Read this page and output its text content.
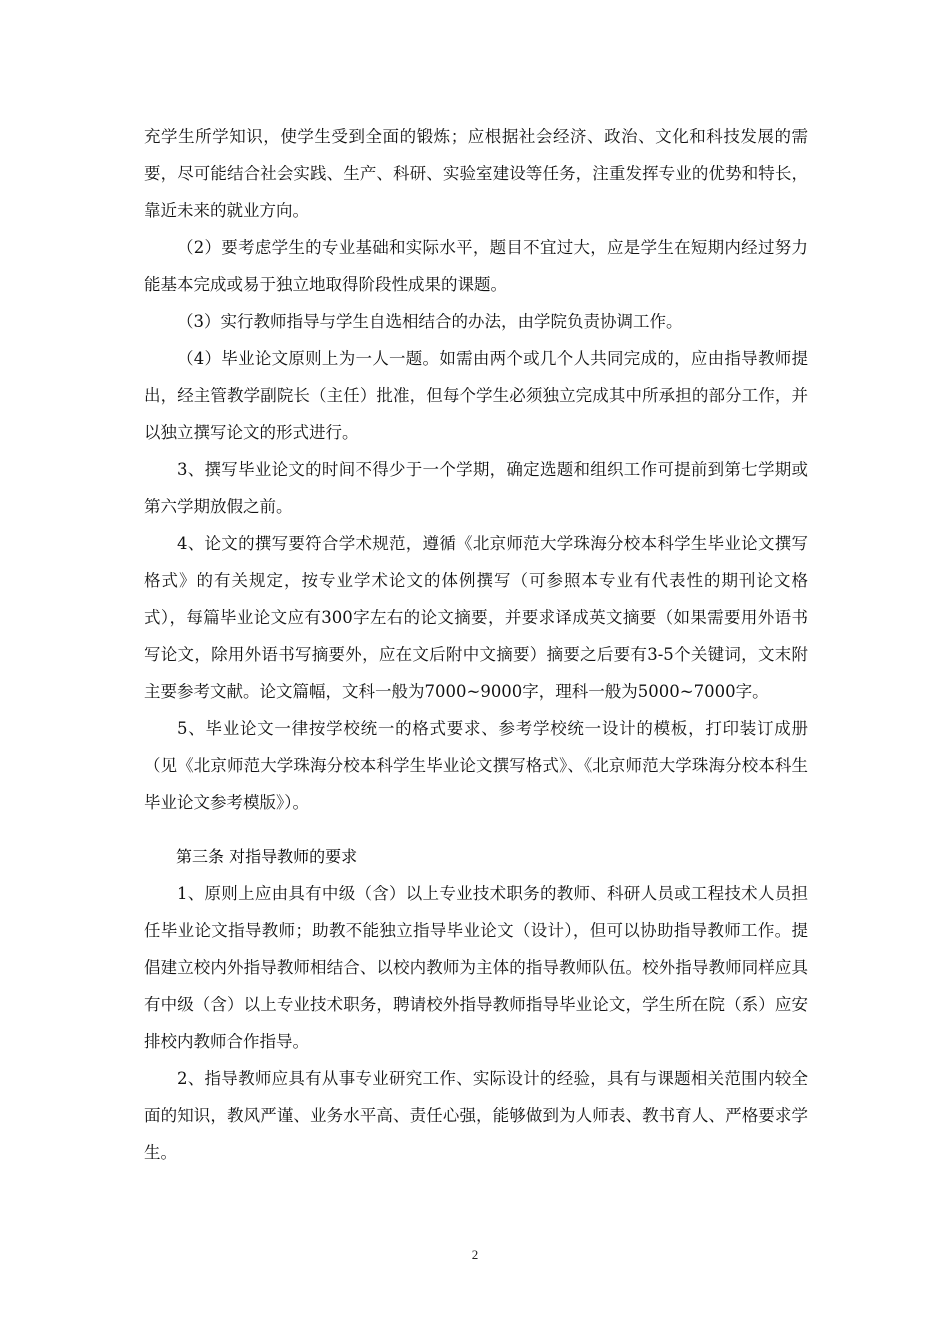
充学生所学知识，使学生受到全面的锻炼；应根据社会经济、政治、文化和科技发展的需要，尽可能结合社会实践、生产、科研、实验室建设等任务，注重发挥专业的优势和特长，靠近未来的就业方向。

（2）要考虑学生的专业基础和实际水平，题目不宜过大，应是学生在短期内经过努力能基本完成或易于独立地取得阶段性成果的课题。

（3）实行教师指导与学生自选相结合的办法，由学院负责协调工作。

（4）毕业论文原则上为一人一题。如需由两个或几个人共同完成的，应由指导教师提出，经主管教学副院长（主任）批准，但每个学生必须独立完成其中所承担的部分工作，并以独立撰写论文的形式进行。

3、撰写毕业论文的时间不得少于一个学期，确定选题和组织工作可提前到第七学期或第六学期放假之前。

4、论文的撰写要符合学术规范，遵循《北京师范大学珠海分校本科学生毕业论文撰写格式》的有关规定，按专业学术论文的体例撰写（可参照本专业有代表性的期刊论文格式），每篇毕业论文应有300字左右的论文摘要，并要求译成英文摘要（如果需要用外语书写论文，除用外语书写摘要外，应在文后附中文摘要）摘要之后要有3-5个关键词，文末附主要参考文献。论文篇幅，文科一般为7000~9000字，理科一般为5000~7000字。

5、毕业论文一律按学校统一的格式要求、参考学校统一设计的模板，打印装订成册（见《北京师范大学珠海分校本科学生毕业论文撰写格式》、《北京师范大学珠海分校本科生毕业论文参考模版》）。

第三条 对指导教师的要求

1、原则上应由具有中级（含）以上专业技术职务的教师、科研人员或工程技术人员担任毕业论文指导教师；助教不能独立指导毕业论文（设计），但可以协助指导教师工作。提倡建立校内外指导教师相结合、以校内教师为主体的指导教师队伍。校外指导教师同样应具有中级（含）以上专业技术职务，聘请校外指导教师指导毕业论文，学生所在院（系）应安排校内教师合作指导。

2、指导教师应具有从事专业研究工作、实际设计的经验，具有与课题相关范围内较全面的知识，教风严谨、业务水平高、责任心强，能够做到为人师表、教书育人、严格要求学生。

2
